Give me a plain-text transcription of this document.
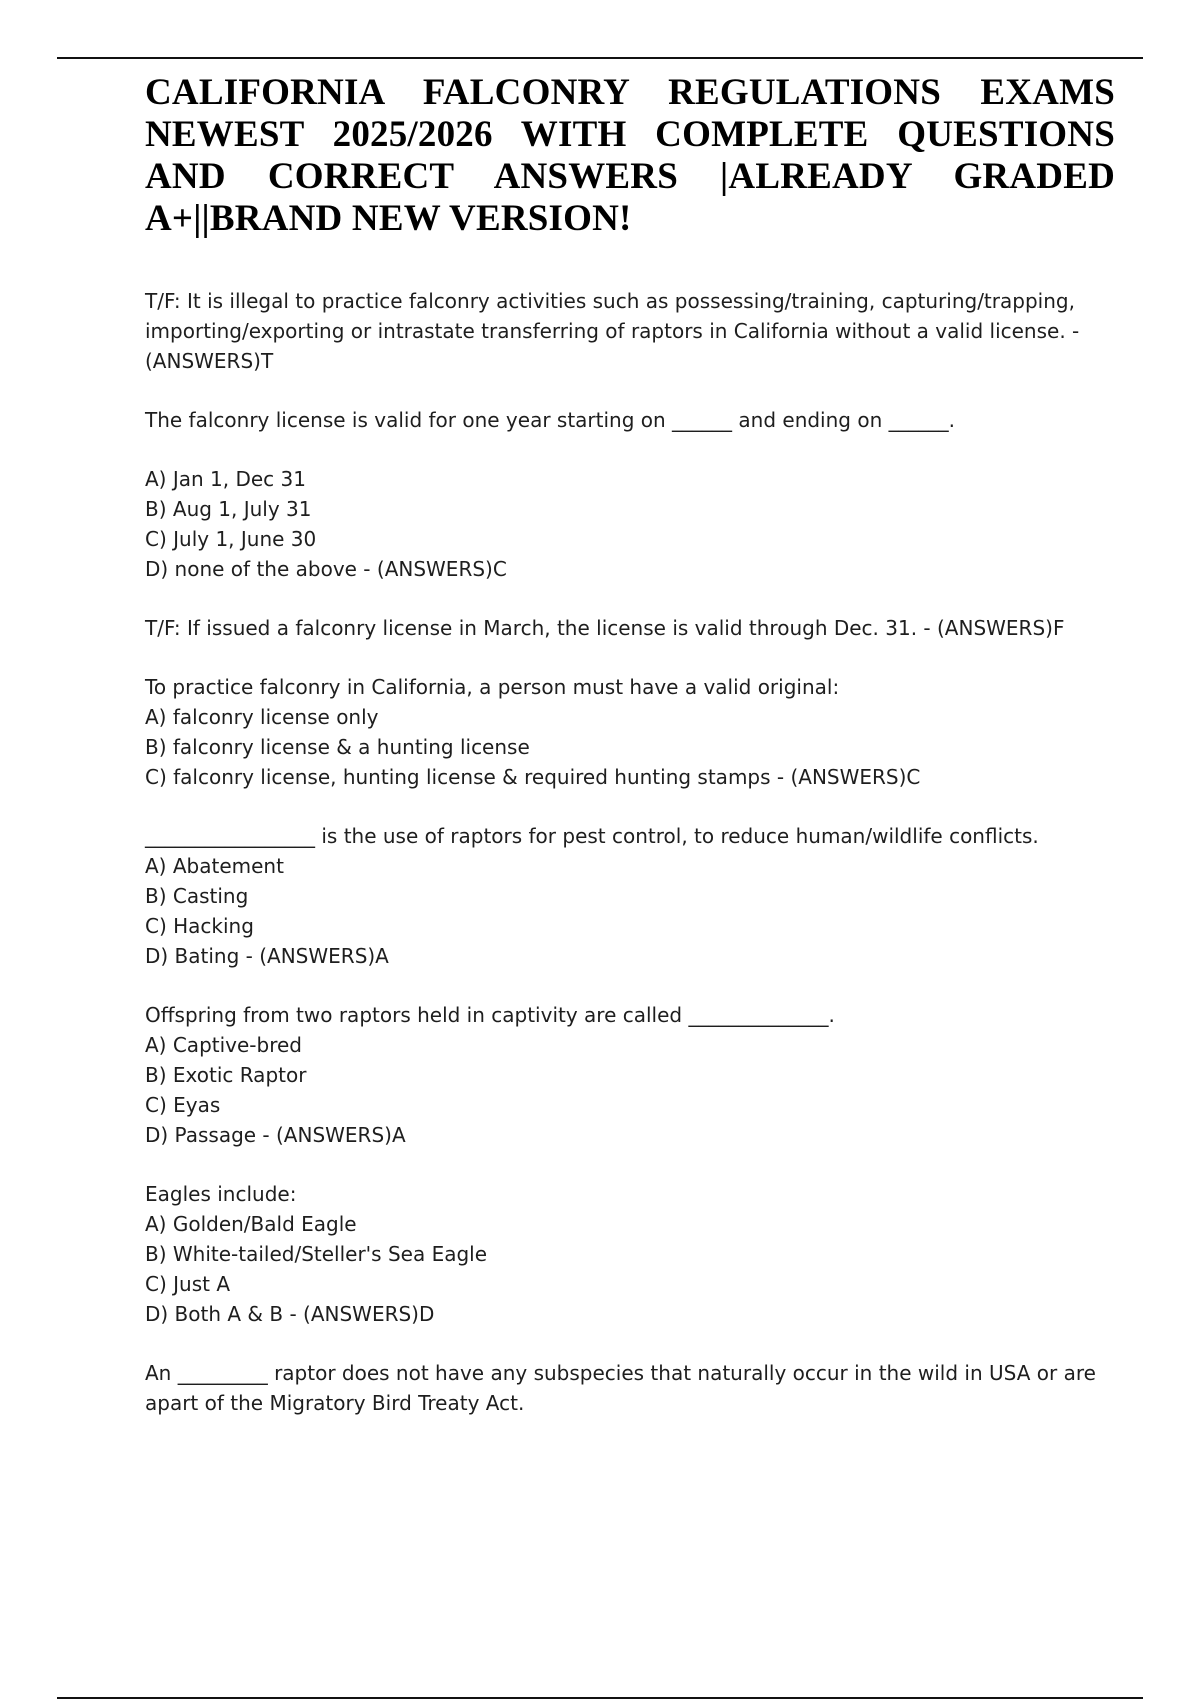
CALIFORNIA FALCONRY REGULATIONS EXAMS NEWEST 2025/2026 WITH COMPLETE QUESTIONS AND CORRECT ANSWERS |ALREADY GRADED A+||BRAND NEW VERSION!

T/F: It is illegal to practice falconry activities such as possessing/training, capturing/trapping, importing/exporting or intrastate transferring of raptors in California without a valid license. - (ANSWERS)T

The falconry license is valid for one year starting on ______ and ending on ______.

A) Jan 1, Dec 31
B) Aug 1, July 31
C) July 1, June 30
D) none of the above - (ANSWERS)C

T/F: If issued a falconry license in March, the license is valid through Dec. 31. - (ANSWERS)F

To practice falconry in California, a person must have a valid original:

A) falconry license only
B) falconry license & a hunting license
C) falconry license, hunting license & required hunting stamps - (ANSWERS)C

_________________ is the use of raptors for pest control, to reduce human/wildlife conflicts.

A) Abatement
B) Casting
C) Hacking
D) Bating - (ANSWERS)A

Offspring from two raptors held in captivity are called ______________.

A) Captive-bred
B) Exotic Raptor
C) Eyas
D) Passage - (ANSWERS)A

Eagles include:

A) Golden/Bald Eagle
B) White-tailed/Steller's Sea Eagle
C) Just A
D) Both A & B - (ANSWERS)D

An _________ raptor does not have any subspecies that naturally occur in the wild in USA or are apart of the Migratory Bird Treaty Act.
